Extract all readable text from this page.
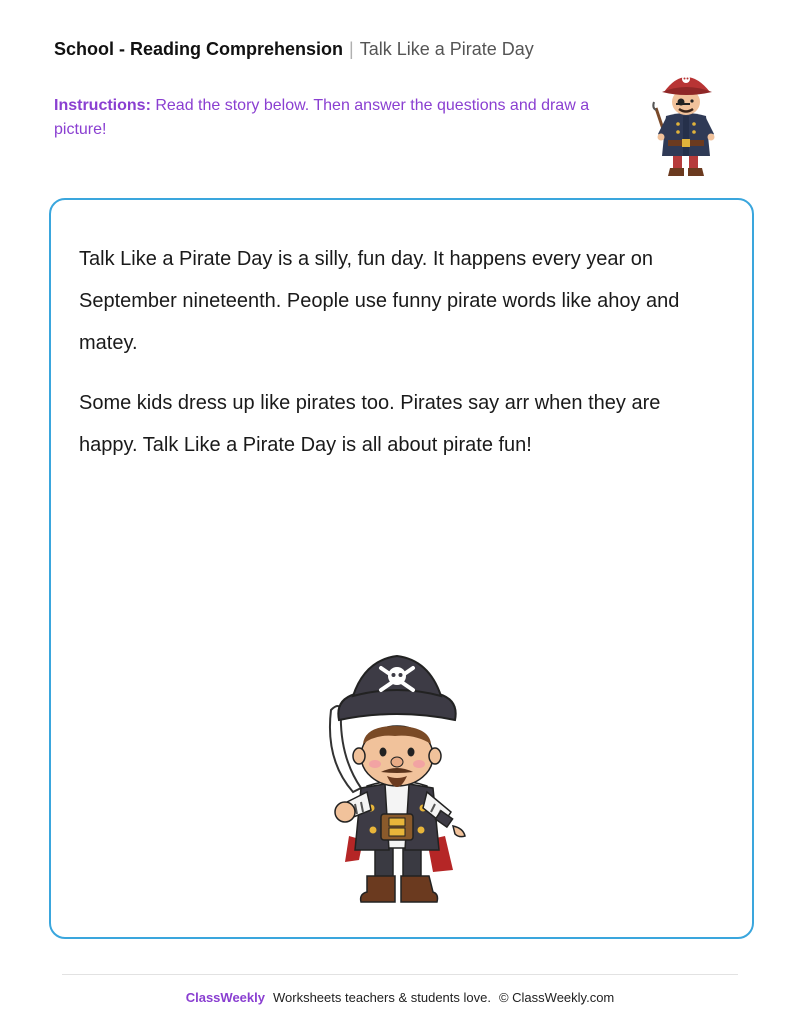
School - Reading Comprehension | Talk Like a Pirate Day
Instructions: Read the story below. Then answer the questions and draw a picture!

Talk Like a Pirate Day is a silly, fun day. It happens every year on September nineteenth. People use funny pirate words like ahoy and matey.

Some kids dress up like pirates too. Pirates say arr when they are happy. Talk Like a Pirate Day is all about pirate fun!

ClassWeekly Worksheets teachers & students love. © ClassWeekly.com
